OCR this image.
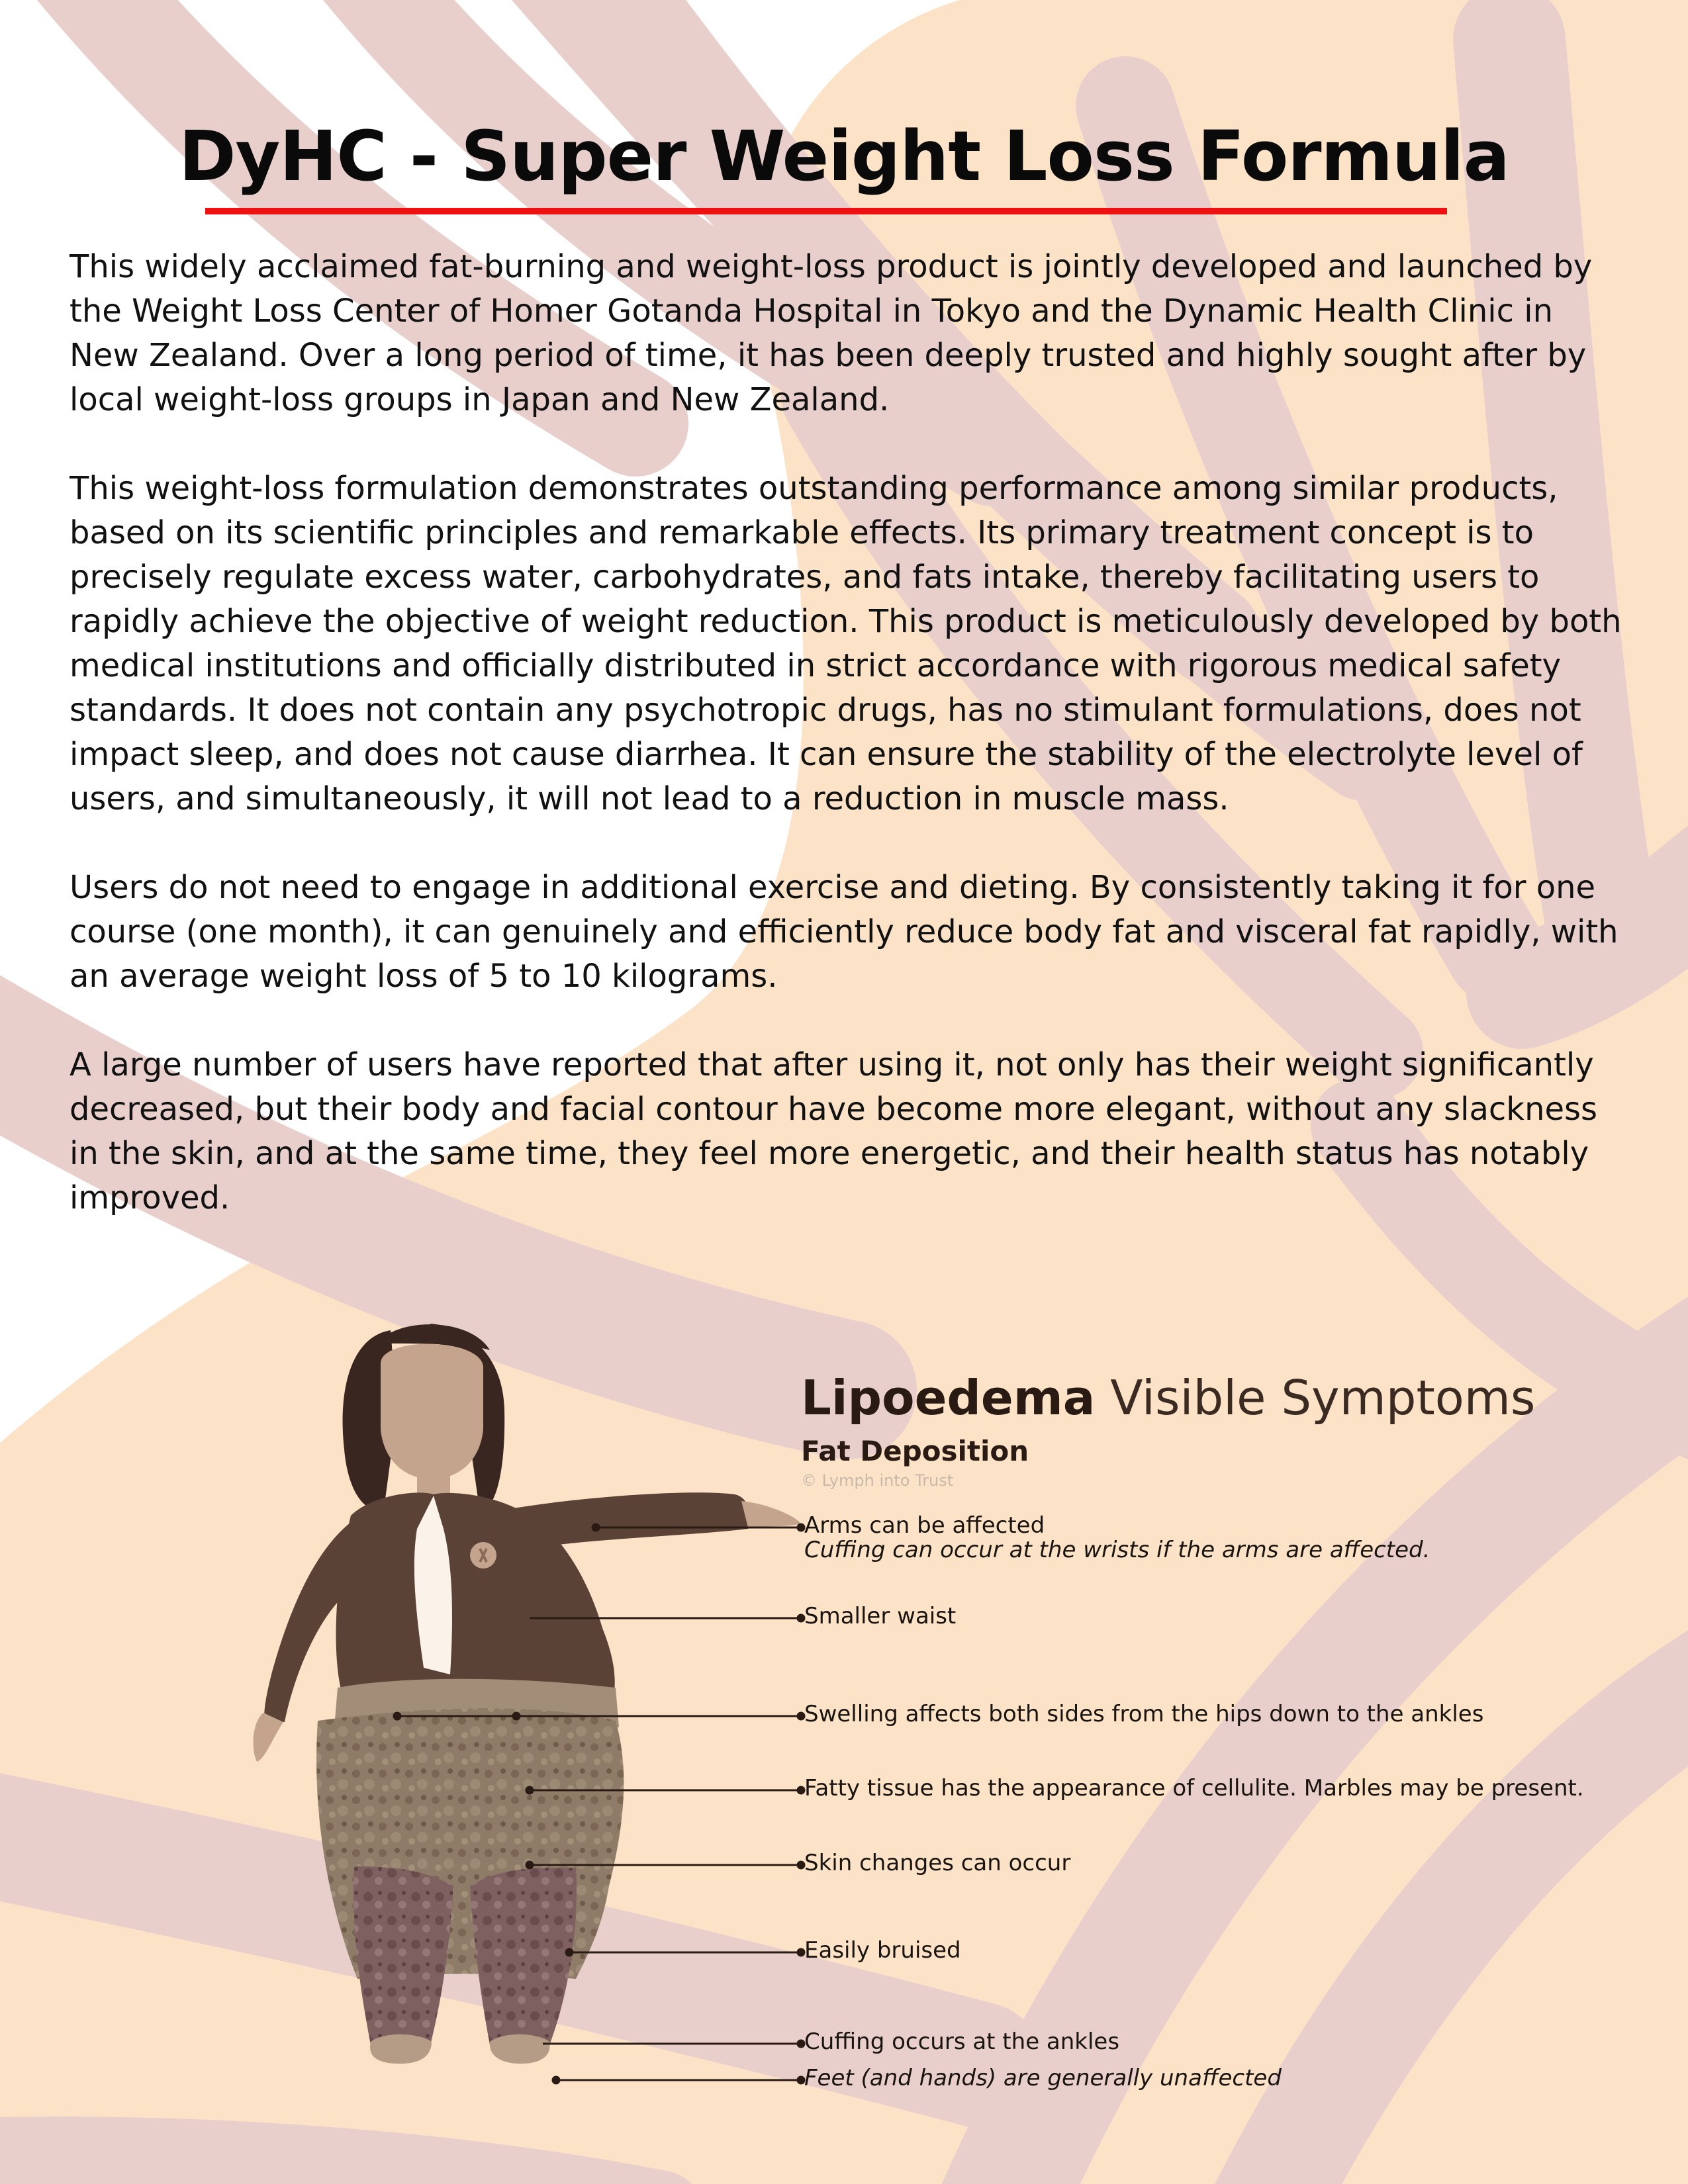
DyHC - Super Weight Loss Formula

This widely acclaimed fat-burning and weight-loss product is jointly developed and launched by the Weight Loss Center of Homer Gotanda Hospital in Tokyo and the Dynamic Health Clinic in New Zealand. Over a long period of time, it has been deeply trusted and highly sought after by local weight-loss groups in Japan and New Zealand.

This weight-loss formulation demonstrates outstanding performance among similar products, based on its scientific principles and remarkable effects. Its primary treatment concept is to precisely regulate excess water, carbohydrates, and fats intake, thereby facilitating users to rapidly achieve the objective of weight reduction. This product is meticulously developed by both medical institutions and officially distributed in strict accordance with rigorous medical safety standards. It does not contain any psychotropic drugs, has no stimulant formulations, does not impact sleep, and does not cause diarrhea. It can ensure the stability of the electrolyte level of users, and simultaneously, it will not lead to a reduction in muscle mass.

Users do not need to engage in additional exercise and dieting. By consistently taking it for one course (one month), it can genuinely and efficiently reduce body fat and visceral fat rapidly, with an average weight loss of 5 to 10 kilograms.

A large number of users have reported that after using it, not only has their weight significantly decreased, but their body and facial contour have become more elegant, without any slackness in the skin, and at the same time, they feel more energetic, and their health status has notably improved.

Lipoedema Visible Symptoms
Fat Deposition
© Lymph into Trust
Arms can be affected
Cuffing can occur at the wrists if the arms are affected.
Smaller waist
Swelling affects both sides from the hips down to the ankles
Fatty tissue has the appearance of cellulite. Marbles may be present.
Skin changes can occur
Easily bruised
Cuffing occurs at the ankles
Feet (and hands) are generally unaffected
